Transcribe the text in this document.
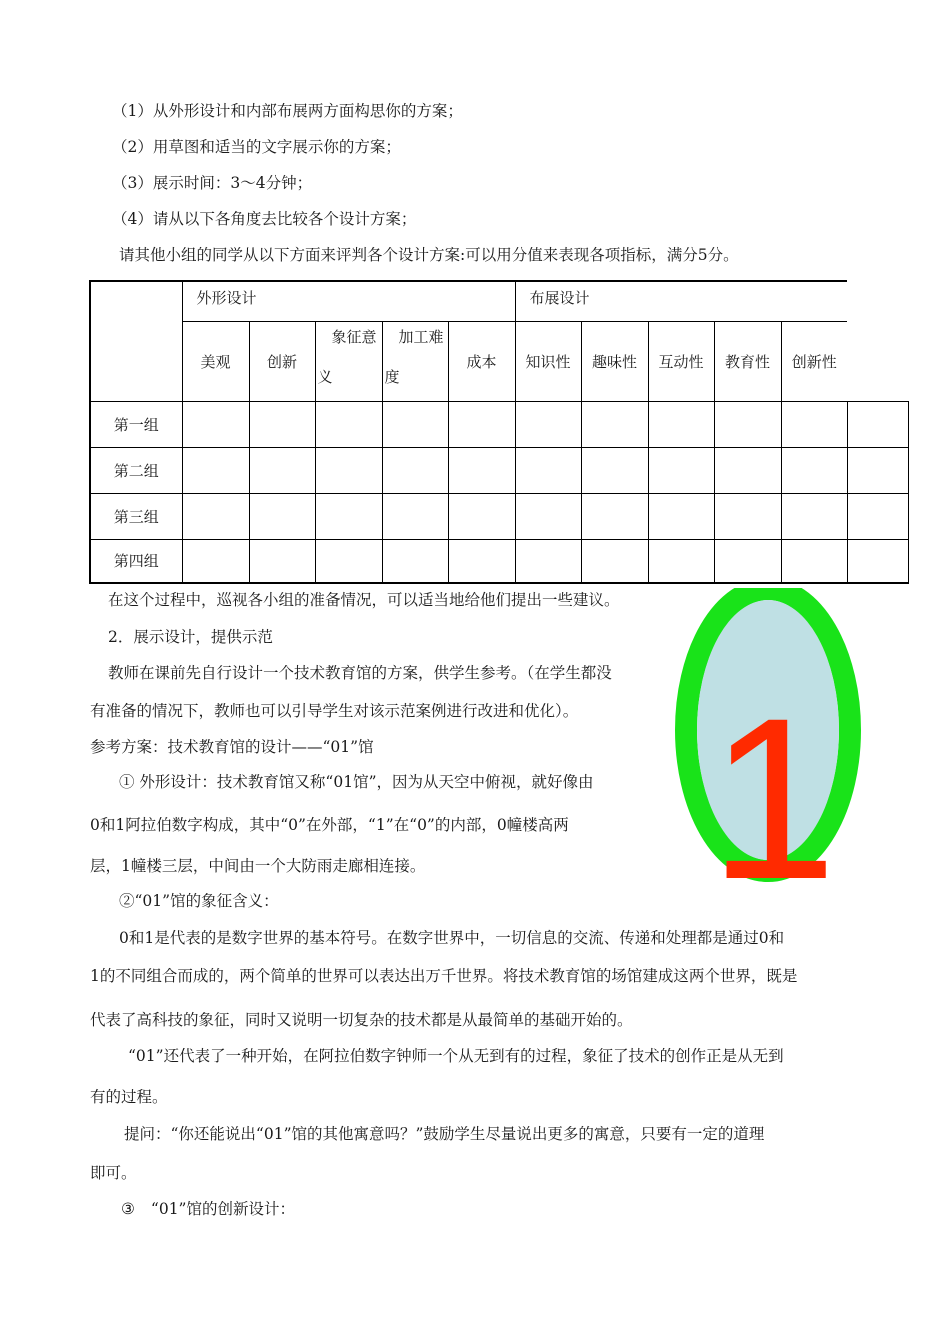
（1）从外形设计和内部布展两方面构思你的方案；
（2）用草图和适当的文字展示你的方案；
（3）展示时间：3～4分钟；
（4）请从以下各角度去比较各个设计方案；
请其他小组的同学从以下方面来评判各个设计方案:可以用分值来表现各项指标，满分5分。
	外形设计					布展设计					
	美观	创新	象征意
义	加工难
度	成本	知识性	趣味性	互动性	教育性	创新性	
第一组											
第二组											
第三组											
第四组											
在这个过程中，巡视各小组的准备情况，可以适当地给他们提出一些建议。
2．展示设计，提供示范
教师在课前先自行设计一个技术教育馆的方案，供学生参考。（在学生都没
有准备的情况下，教师也可以引导学生对该示范案例进行改进和优化）。
参考方案：技术教育馆的设计——“01”馆
① 外形设计：技术教育馆又称“01馆”，因为从天空中俯视，就好像由
0和1阿拉伯数字构成，其中“0”在外部，“1”在“0”的内部，0幢楼高两
层，1幢楼三层，中间由一个大防雨走廊相连接。
②“01”馆的象征含义：
0和1是代表的是数字世界的基本符号。在数字世界中，一切信息的交流、传递和处理都是通过0和
1的不同组合而成的，两个简单的世界可以表达出万千世界。将技术教育馆的场馆建成这两个世界，既是
代表了高科技的象征，同时又说明一切复杂的技术都是从最简单的基础开始的。
“01”还代表了一种开始，在阿拉伯数字钟师一个从无到有的过程，象征了技术的创作正是从无到
有的过程。
提问：“你还能说出“01”馆的其他寓意吗？”鼓励学生尽量说出更多的寓意，只要有一定的道理
即可。
③ “01”馆的创新设计：
1
